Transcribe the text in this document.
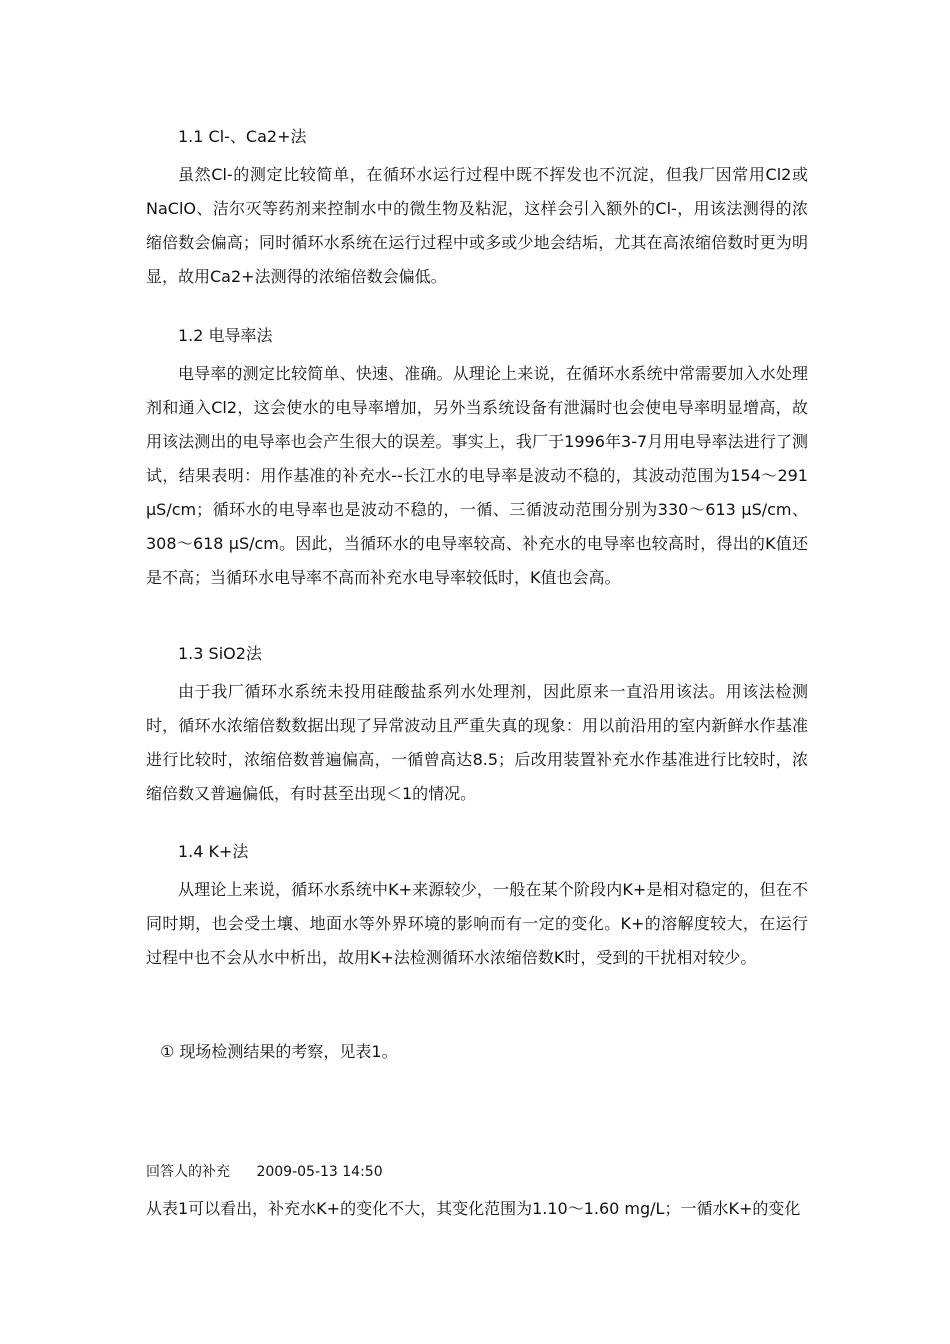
1.1 Cl-、Ca2+法

虽然Cl-的测定比较简单，在循环水运行过程中既不挥发也不沉淀，但我厂因常用Cl2或NaClO、洁尔灭等药剂来控制水中的微生物及粘泥，这样会引入额外的Cl-，用该法测得的浓缩倍数会偏高；同时循环水系统在运行过程中或多或少地会结垢，尤其在高浓缩倍数时更为明显，故用Ca2+法测得的浓缩倍数会偏低。

1.2 电导率法

电导率的测定比较简单、快速、准确。从理论上来说，在循环水系统中常需要加入水处理剂和通入Cl2，这会使水的电导率增加，另外当系统设备有泄漏时也会使电导率明显增高，故用该法测出的电导率也会产生很大的误差。事实上，我厂于1996年3-7月用电导率法进行了测试，结果表明：用作基准的补充水--长江水的电导率是波动不稳的，其波动范围为154～291 μS/cm；循环水的电导率也是波动不稳的，一循、三循波动范围分别为330～613 μS/cm、308～618 μS/cm。因此，当循环水的电导率较高、补充水的电导率也较高时，得出的K值还是不高；当循环水电导率不高而补充水电导率较低时，K值也会高。

1.3 SiO2法

由于我厂循环水系统未投用硅酸盐系列水处理剂，因此原来一直沿用该法。用该法检测时，循环水浓缩倍数数据出现了异常波动且严重失真的现象：用以前沿用的室内新鲜水作基准进行比较时，浓缩倍数普遍偏高，一循曾高达8.5；后改用装置补充水作基准进行比较时，浓缩倍数又普遍偏低，有时甚至出现＜1的情况。

1.4 K+法

从理论上来说，循环水系统中K+来源较少，一般在某个阶段内K+是相对稳定的，但在不同时期，也会受土壤、地面水等外界环境的影响而有一定的变化。K+的溶解度较大，在运行过程中也不会从水中析出，故用K+法检测循环水浓缩倍数K时，受到的干扰相对较少。

① 现场检测结果的考察，见表1。

回答人的补充 2009-05-13 14:50

从表1可以看出，补充水K+的变化不大，其变化范围为1.10～1.60 mg/L；一循水K+的变化
